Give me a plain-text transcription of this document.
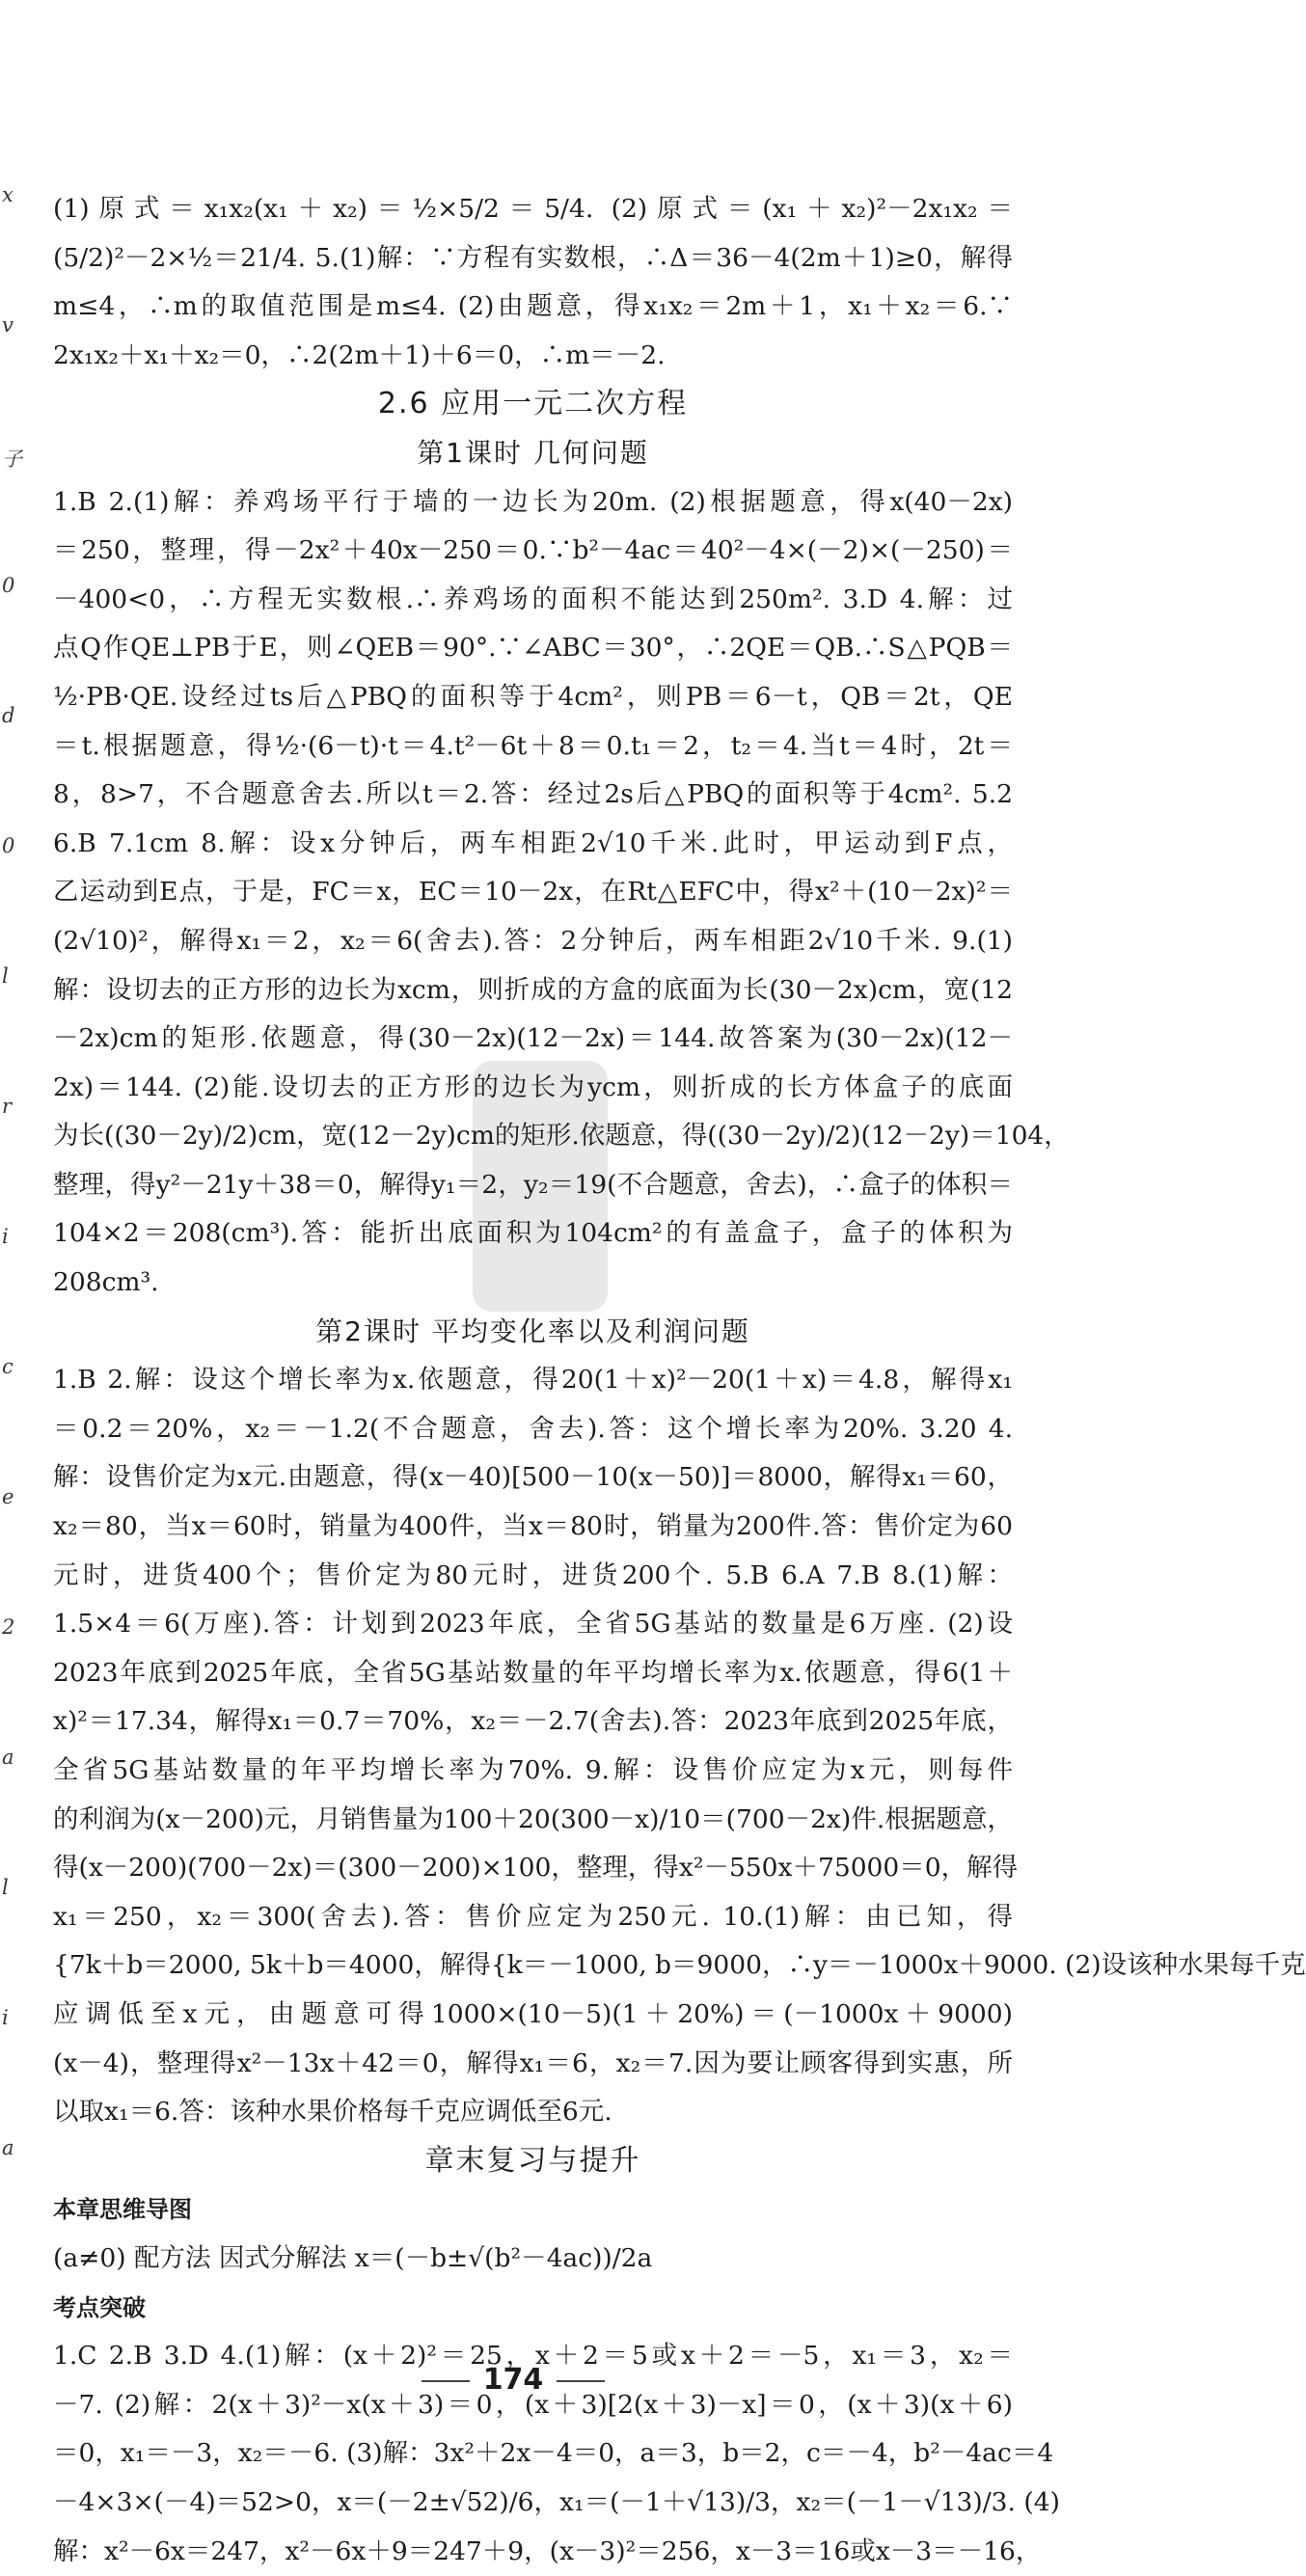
x
v
子
0
d
0
l
r
i
c
e
2
a
l
i
a
(1)原式＝x₁x₂(x₁＋x₂)＝½×5/2＝5/4. (2)原式＝(x₁＋x₂)²－2x₁x₂＝
(5/2)²－2×½＝21/4. 5.(1)解：∵方程有实数根，∴Δ＝36－4(2m＋1)≥0，解得
m≤4，∴m的取值范围是m≤4. (2)由题意，得x₁x₂＝2m＋1，x₁＋x₂＝6.∵
2x₁x₂＋x₁＋x₂＝0，∴2(2m＋1)＋6＝0，∴m＝－2.
2.6 应用一元二次方程
第1课时 几何问题
1.B 2.(1)解：养鸡场平行于墙的一边长为20m. (2)根据题意，得x(40－2x)
＝250，整理，得－2x²＋40x－250＝0.∵b²－4ac＝40²－4×(－2)×(－250)＝
－400<0，∴方程无实数根.∴养鸡场的面积不能达到250m². 3.D 4.解：过
点Q作QE⊥PB于E，则∠QEB＝90°.∵∠ABC＝30°，∴2QE＝QB.∴S△PQB＝
½·PB·QE.设经过ts后△PBQ的面积等于4cm²，则PB＝6－t，QB＝2t，QE
＝t.根据题意，得½·(6－t)·t＝4.t²－6t＋8＝0.t₁＝2，t₂＝4.当t＝4时，2t＝
8，8>7，不合题意舍去.所以t＝2.答：经过2s后△PBQ的面积等于4cm². 5.2
6.B 7.1cm 8.解：设x分钟后，两车相距2√10千米.此时，甲运动到F点，
乙运动到E点，于是，FC＝x，EC＝10－2x，在Rt△EFC中，得x²＋(10－2x)²＝
(2√10)²，解得x₁＝2，x₂＝6(舍去).答：2分钟后，两车相距2√10千米. 9.(1)
解：设切去的正方形的边长为xcm，则折成的方盒的底面为长(30－2x)cm，宽(12
－2x)cm的矩形.依题意，得(30－2x)(12－2x)＝144.故答案为(30－2x)(12－
2x)＝144. (2)能.设切去的正方形的边长为ycm，则折成的长方体盒子的底面
为长((30－2y)/2)cm，宽(12－2y)cm的矩形.依题意，得((30－2y)/2)(12－2y)＝104，
整理，得y²－21y＋38＝0，解得y₁＝2，y₂＝19(不合题意，舍去)，∴盒子的体积＝
104×2＝208(cm³).答：能折出底面积为104cm²的有盖盒子，盒子的体积为
208cm³.
第2课时 平均变化率以及利润问题
1.B 2.解：设这个增长率为x.依题意，得20(1＋x)²－20(1＋x)＝4.8，解得x₁
＝0.2＝20%，x₂＝－1.2(不合题意，舍去).答：这个增长率为20%. 3.20 4.
解：设售价定为x元.由题意，得(x－40)[500－10(x－50)]＝8000，解得x₁＝60，
x₂＝80，当x＝60时，销量为400件，当x＝80时，销量为200件.答：售价定为60
元时，进货400个；售价定为80元时，进货200个. 5.B 6.A 7.B 8.(1)解：
1.5×4＝6(万座).答：计划到2023年底，全省5G基站的数量是6万座. (2)设
2023年底到2025年底，全省5G基站数量的年平均增长率为x.依题意，得6(1＋
x)²＝17.34，解得x₁＝0.7＝70%，x₂＝－2.7(舍去).答：2023年底到2025年底，
全省5G基站数量的年平均增长率为70%. 9.解：设售价应定为x元，则每件
的利润为(x－200)元，月销售量为100＋20(300－x)/10＝(700－2x)件.根据题意，
得(x－200)(700－2x)＝(300－200)×100，整理，得x²－550x＋75000＝0，解得
x₁＝250，x₂＝300(舍去).答：售价应定为250元. 10.(1)解：由已知，得
{7k＋b＝2000, 5k＋b＝4000，解得{k＝－1000, b＝9000，∴y＝－1000x＋9000. (2)设该种水果每千克
应调低至x元，由题意可得1000×(10－5)(1＋20%)＝(－1000x＋9000)
(x－4)，整理得x²－13x＋42＝0，解得x₁＝6，x₂＝7.因为要让顾客得到实惠，所
以取x₁＝6.答：该种水果价格每千克应调低至6元.
章末复习与提升
本章思维导图
(a≠0) 配方法 因式分解法 x＝(－b±√(b²－4ac))/2a
考点突破
1.C 2.B 3.D 4.(1)解：(x＋2)²＝25，x＋2＝5或x＋2＝－5，x₁＝3，x₂＝
－7. (2)解：2(x＋3)²－x(x＋3)＝0，(x＋3)[2(x＋3)－x]＝0，(x＋3)(x＋6)
＝0，x₁＝－3，x₂＝－6. (3)解：3x²＋2x－4＝0，a＝3，b＝2，c＝－4，b²－4ac＝4
－4×3×(－4)＝52>0，x＝(－2±√52)/6，x₁＝(－1＋√13)/3，x₂＝(－1－√13)/3. (4)
解：x²－6x＝247，x²－6x＋9＝247＋9，(x－3)²＝256，x－3＝16或x－3＝－16，
174
